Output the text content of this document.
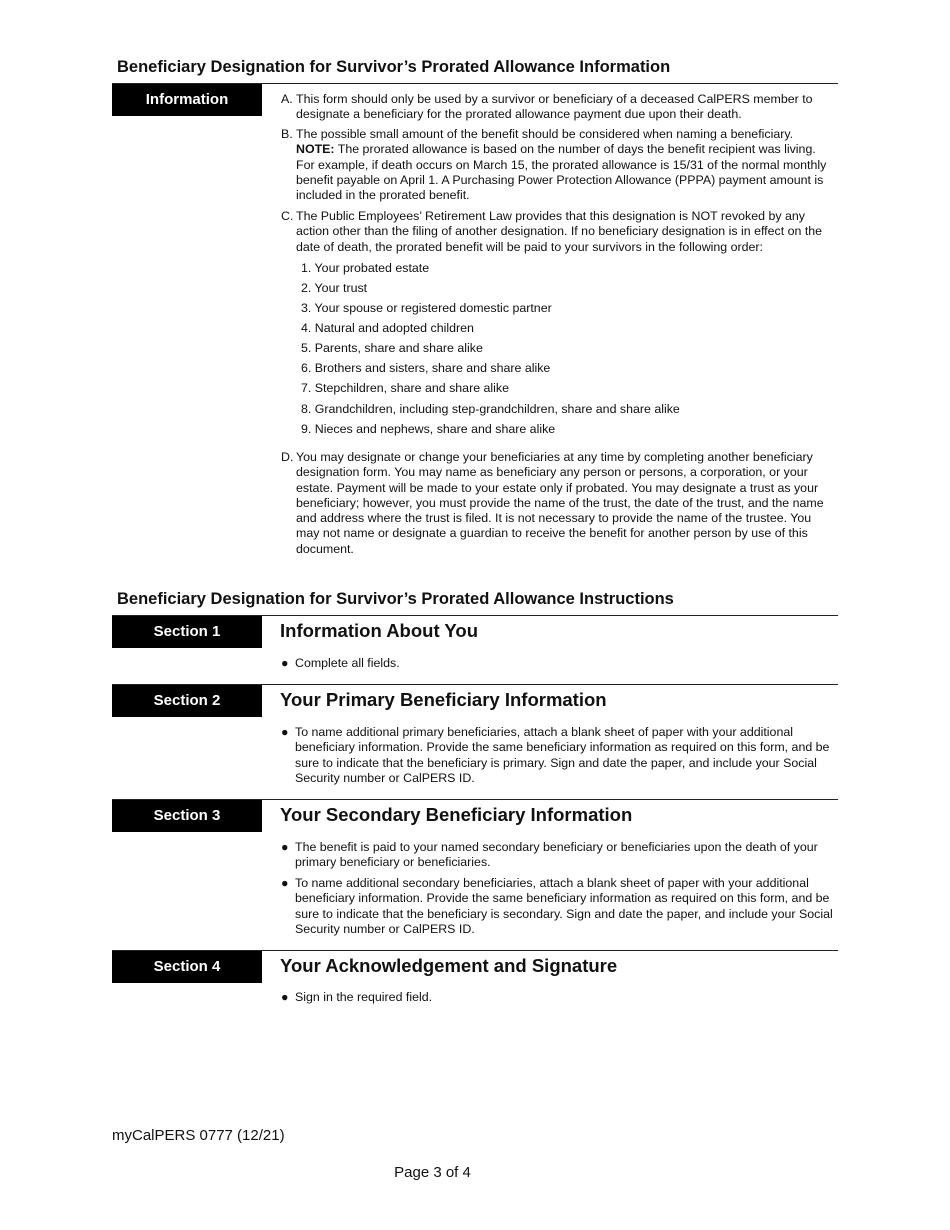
Beneficiary Designation for Survivor’s Prorated Allowance Information
Information	A. This form should only be used by a survivor or beneficiary of a deceased CalPERS member to designate a beneficiary for the prorated allowance payment due upon their death.
B. The possible small amount of the benefit should be considered when naming a beneficiary.
NOTE: The prorated allowance is based on the number of days the benefit recipient was living. For example, if death occurs on March 15, the prorated allowance is 15/31 of the normal monthly benefit payable on April 1. A Purchasing Power Protection Allowance (PPPA) payment amount is included in the prorated benefit.
C. The Public Employees’ Retirement Law provides that this designation is NOT revoked by any action other than the filing of another designation. If no beneficiary designation is in effect on the date of death, the prorated benefit will be paid to your survivors in the following order:
1. Your probated estate
2. Your trust
3. Your spouse or registered domestic partner
4. Natural and adopted children
5. Parents, share and share alike
6. Brothers and sisters, share and share alike
7. Stepchildren, share and share alike
8. Grandchildren, including step-grandchildren, share and share alike
9. Nieces and nephews, share and share alike
D. You may designate or change your beneficiaries at any time by completing another beneficiary designation form. You may name as beneficiary any person or persons, a corporation, or your estate. Payment will be made to your estate only if probated. You may designate a trust as your beneficiary; however, you must provide the name of the trust, the date of the trust, and the name and address where the trust is filed. It is not necessary to provide the name of the trustee. You may not name or designate a guardian to receive the benefit for another person by use of this document.
Beneficiary Designation for Survivor’s Prorated Allowance Instructions
Section 1	Information About You
● Complete all fields.
Section 2	Your Primary Beneficiary Information
● To name additional primary beneficiaries, attach a blank sheet of paper with your additional beneficiary information. Provide the same beneficiary information as required on this form, and be sure to indicate that the beneficiary is primary. Sign and date the paper, and include your Social Security number or CalPERS ID.
Section 3	Your Secondary Beneficiary Information
● The benefit is paid to your named secondary beneficiary or beneficiaries upon the death of your primary beneficiary or beneficiaries.
● To name additional secondary beneficiaries, attach a blank sheet of paper with your additional beneficiary information. Provide the same beneficiary information as required on this form, and be sure to indicate that the beneficiary is secondary. Sign and date the paper, and include your Social Security number or CalPERS ID.
Section 4	Your Acknowledgement and Signature
● Sign in the required field.
myCalPERS 0777 (12/21)
Page 3 of 4
